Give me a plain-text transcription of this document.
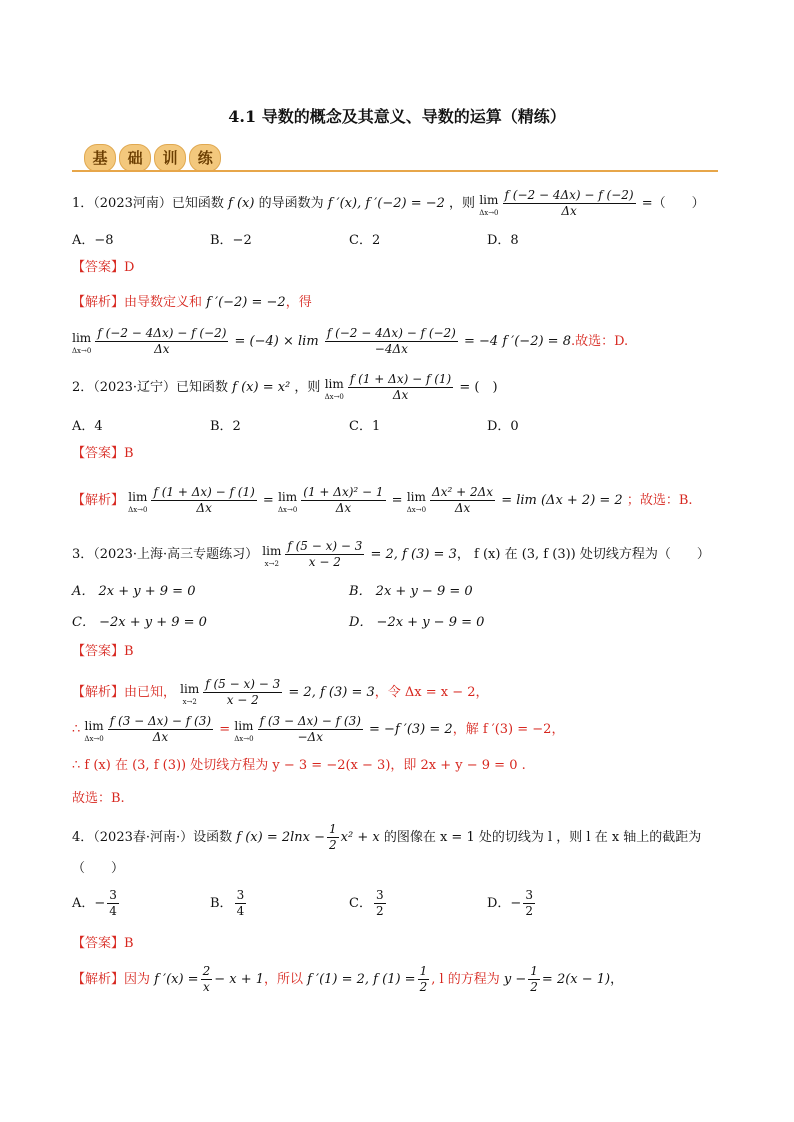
4.1 导数的概念及其意义、导数的运算（精练）
基 础 训 练
1．（2023河南）已知函数 f (x) 的导函数为 f ′(x), f ′(−2) = −2 ，则 lim
$\Delta x\to 0 \frac{f (-2 - 4\Delta x) - f (-2)}{\Delta x}$ =（　　）
A．−8	B．−2	C．2	D．8
【答案】D
【解析】由导数定义和 f ′(−2) = −2，得
lim
$\Delta x\to 0 \frac{f (-2 - 4\Delta x) - f (-2)}{\Delta x} = (-4) \times \lim \frac{f (-2 - 4\Delta x) - f (-2)}{-4\Delta x} = -4$ f ′(−2) = 8.故选：D.
2．（2023·辽宁）已知函数 f (x) = x² ，则 lim
$\Delta x\to 0 \frac{f (1 + \Delta x) - f (1)}{\Delta x}$ = (　)
A．4	B．2	C．1	D．0
【答案】B
【解析】 lim
$\Delta x\to 0 \frac{f (1 + \Delta x) - f (1)}{\Delta x} = \lim$
$\Delta x\to 0 \frac{\text{(1 + Δx)² − 1}}{\Delta x} = \lim$
$\Delta x\to 0 \frac{\text{Δx² + 2Δx}}{\Delta x} = \lim (\Delta x + 2) = 2$ ；故选：B.
3．（2023·上海·高三专题练习） lim
$x\to 2 \frac{f (5 - x) - 3}{x - 2} = 2$, f (3) = 3， f (x) 在 (3, f (3)) 处切线方程为（　　）
A． 2x + y + 9 = 0	B． 2x + y − 9 = 0
C． −2x + y + 9 = 0	D． −2x + y − 9 = 0
【答案】B
【解析】由已知， lim
$x\to 2 \frac{f (5 - x) - 3}{x - 2} = 2$, f (3) = 3，令 Δx = x − 2，
∴ lim
$\Delta x\to 0 \frac{f (3 - \Delta x) - f (3)}{\Delta x} = \lim$
$\Delta x\to 0 \frac{f (3 - \Delta x) - f (3)}{-\Delta x} = -f$ ′(3) = 2，解 f ′(3) = −2，
∴ f (x) 在 (3, f (3)) 处切线方程为 y − 3 = −2(x − 3)，即 2x + y − 9 = 0 .
故选：B.
4．（2023春·河南·）设函数 f $(x) = 2\ln x - \frac{1}{2} x^2 + x$ 的图像在 x = 1 处的切线为 l ，则 l 在 x 轴上的截距为
（　　）
A．− $\frac{3}{4}$	B． $\frac{3}{4}$	C． $\frac{3}{2}$	D．− $\frac{3}{2}$
【答案】B
【解析】因为 f $'(x) = \frac{2}{x} - x + 1$，所以 f ′(1) = 2, f $(1) = \frac{1}{2}$ , l 的方程为 $y - \frac{1}{2} = 2(x - 1)$，
